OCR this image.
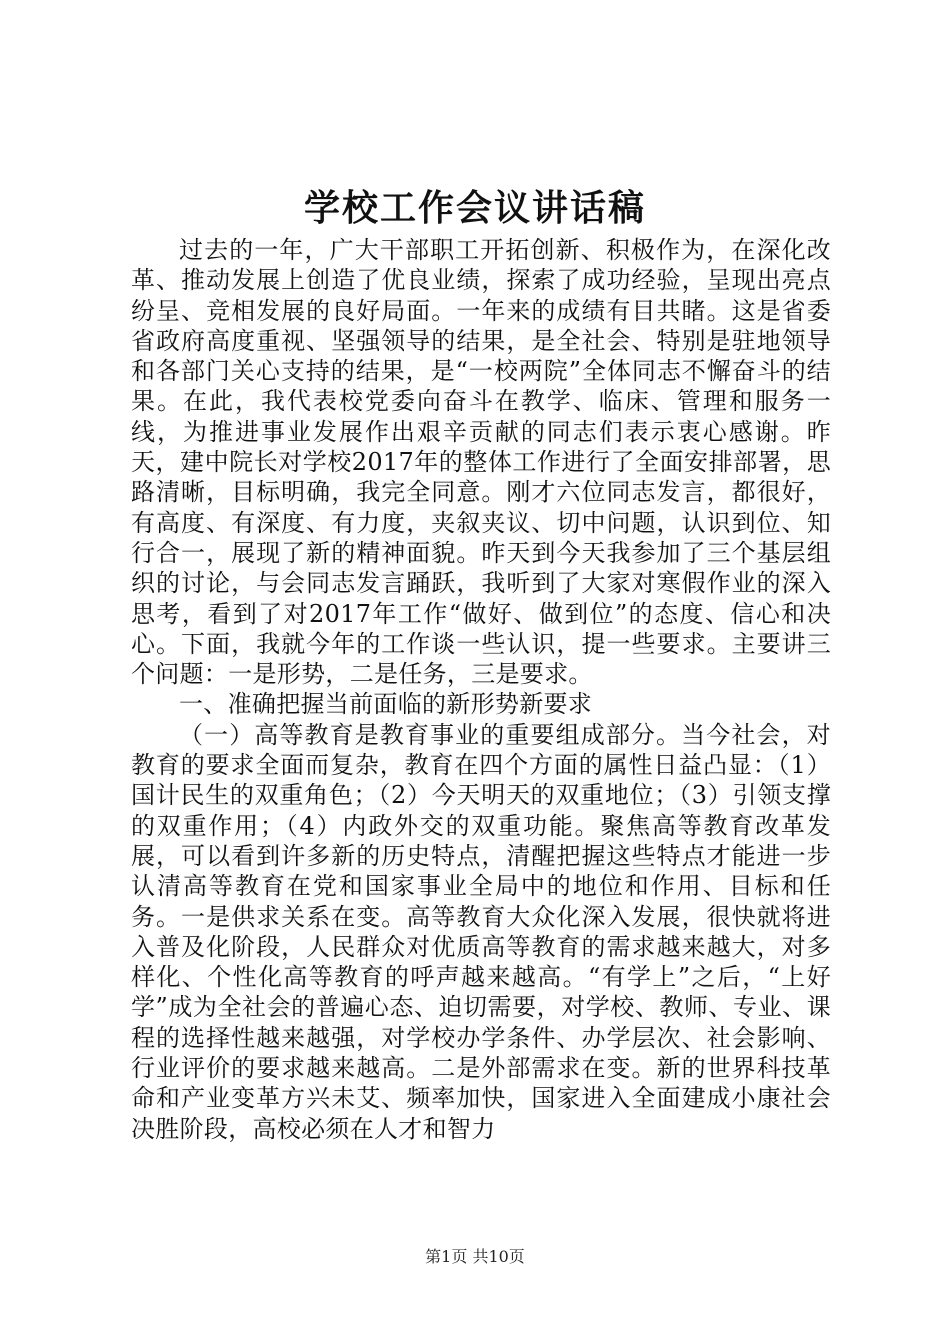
学校工作会议讲话稿

过去的一年，广大干部职工开拓创新、积极作为，在深化改革、推动发展上创造了优良业绩，探索了成功经验，呈现出亮点纷呈、竞相发展的良好局面。一年来的成绩有目共睹。这是省委省政府高度重视、坚强领导的结果，是全社会、特别是驻地领导和各部门关心支持的结果，是“一校两院”全体同志不懈奋斗的结果。在此，我代表校党委向奋斗在教学、临床、管理和服务一线，为推进事业发展作出艰辛贡献的同志们表示衷心感谢。昨天，建中院长对学校2017年的整体工作进行了全面安排部署，思路清晰，目标明确，我完全同意。刚才六位同志发言，都很好，有高度、有深度、有力度，夹叙夹议、切中问题，认识到位、知行合一，展现了新的精神面貌。昨天到今天我参加了三个基层组织的讨论，与会同志发言踊跃，我听到了大家对寒假作业的深入思考，看到了对2017年工作“做好、做到位”的态度、信心和决心。下面，我就今年的工作谈一些认识，提一些要求。主要讲三个问题：一是形势，二是任务，三是要求。

一、准确把握当前面临的新形势新要求

（一）高等教育是教育事业的重要组成部分。当今社会，对教育的要求全面而复杂，教育在四个方面的属性日益凸显：（1）国计民生的双重角色；（2）今天明天的双重地位；（3）引领支撑的双重作用；（4）内政外交的双重功能。聚焦高等教育改革发展，可以看到许多新的历史特点，清醒把握这些特点才能进一步认清高等教育在党和国家事业全局中的地位和作用、目标和任务。一是供求关系在变。高等教育大众化深入发展，很快就将进入普及化阶段，人民群众对优质高等教育的需求越来越大，对多样化、个性化高等教育的呼声越来越高。“有学上”之后，“上好学”成为全社会的普遍心态、迫切需要，对学校、教师、专业、课程的选择性越来越强，对学校办学条件、办学层次、社会影响、行业评价的要求越来越高。二是外部需求在变。新的世界科技革命和产业变革方兴未艾、频率加快，国家进入全面建成小康社会决胜阶段，高校必须在人才和智力

第1页 共10页
